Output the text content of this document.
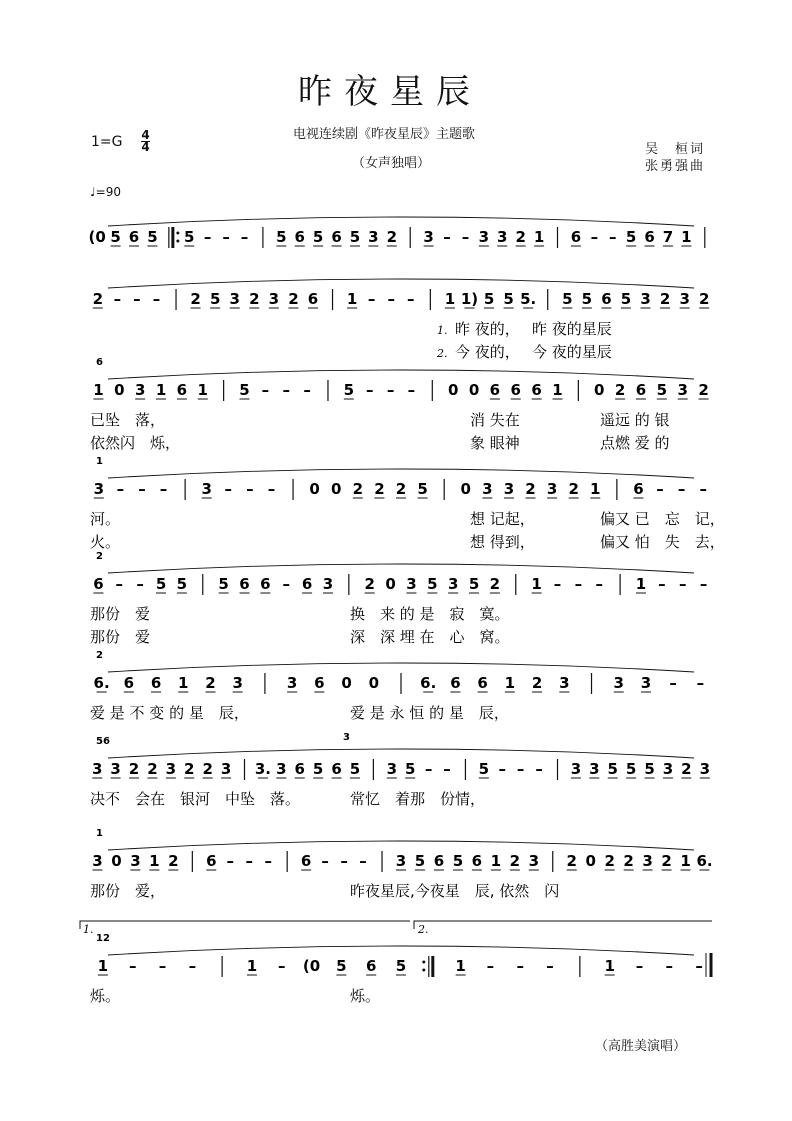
昨夜星辰
电视连续剧《昨夜星辰》主题歌
（女声独唱）
1=G 4
4
♩=90
吴　桓词
张勇强曲
（高胜美演唱）
(0 5 6 5 5 – – – 5 6 5 6 5 3 2 3 – – 3 3 2 1 6 – – 5 6 7 1
2 – – – 2 5 3 2 3 2 6 1 – – – 1 1) 5 5 5. 5 5 6 5 3 2 3 2
1. 昨 夜的，　 昨 夜的星辰
2. 今 夜的，　 今 夜的星辰
1 0 3 1 6 1 5 – – – 5 – – – 0 0 6 6 6 1 0 2 6 5 3 2
6
已坠　落，	消 失在	遥远 的 银
依然闪　烁，	象 眼神	点燃 爱 的
3 – – – 3 – – – 0 0 2 2 2 5 0 3 3 2 3 2 1 6 – – –
1
河。	想 记起，	偏又 已　忘　记，
火。	想 得到，	偏又 怕　失　去，
6 – – 5 5 5 6 6 – 6 3 2 0 3 5 3 5 2 1 – – – 1 – – –
2
那份　爱	换　来 的 是　寂　寞。
那份　爱	深　深 埋 在　心　窝。
6. 6 6 1 2 3	3 6 0 0	6. 6 6 1 2 3	3 3 – –
2
爱 是 不 变 的 星　辰，	爱 是 永 恒 的 星　辰，
3 3 2 2 3 2 2 3 3. 3 6 5 6 5 3 5 – – 5 – – – 3 3 5 5 5 3 2 3
56	3
决不　会在　银河　中坠　落。	常忆　着那　份情，
3 0 3 1 2 6 – – – 6 – – – 3 5 6 5 6 1 2 3 2 0 2 2 3 2 1 6.
1
那份　爱，	昨夜星辰,今夜星　辰, 依然　闪
1 – – –	1 – (0 5 6 5	1 – – –	1 – – –
12
1.	2.
烁。	烁。
